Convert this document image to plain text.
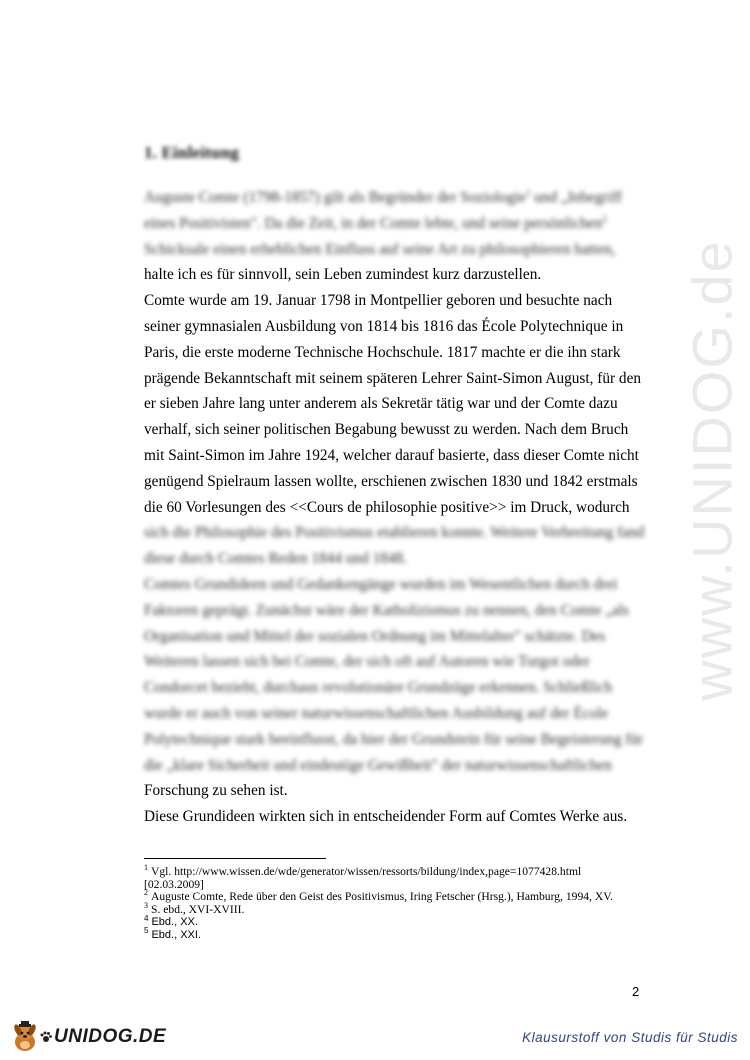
www.UNIDOG.de
1. Einleitung
Auguste Comte (1798-1857) gilt als Begründer der Soziologie$^1$ und „Inbegriff
eines Positivisten". Da die Zeit, in der Comte lebte, und seine persönlichen$^2$
Schicksale einen erheblichen Einfluss auf seine Art zu philosophieren hatten,
halte ich es für sinnvoll, sein Leben zumindest kurz darzustellen.
Comte wurde am 19. Januar 1798 in Montpellier geboren und besuchte nach
seiner gymnasialen Ausbildung von 1814 bis 1816 das École Polytechnique in
Paris, die erste moderne Technische Hochschule. 1817 machte er die ihn stark
prägende Bekanntschaft mit seinem späteren Lehrer Saint-Simon August, für den
er sieben Jahre lang unter anderem als Sekretär tätig war und der Comte dazu
verhalf, sich seiner politischen Begabung bewusst zu werden. Nach dem Bruch
mit Saint-Simon im Jahre 1924, welcher darauf basierte, dass dieser Comte nicht
genügend Spielraum lassen wollte, erschienen zwischen 1830 und 1842 erstmals
die 60 Vorlesungen des <<Cours de philosophie positive>> im Druck, wodurch
sich die Philosophie des Positivismus etablieren konnte. Weitere Verbreitung fand
diese durch Comtes Reden 1844 und 1848.
Comtes Grundideen und Gedankengänge wurden im Wesentlichen durch drei
Faktoren geprägt. Zunächst wäre der Katholizismus zu nennen, den Comte „als
Organisation und Mittel der sozialen Ordnung im Mittelalter" schätzte. Des
Weiteren lassen sich bei Comte, der sich oft auf Autoren wie Turgot oder
Condorcet bezieht, durchaus revolutionäre Grundzüge erkennen. Schließlich
wurde er auch von seiner naturwissenschaftlichen Ausbildung auf der École
Polytechnique stark beeinflusst, da hier der Grundstein für seine Begeisterung für
die „klare Sicherheit und eindeutige Gewißheit" der naturwissenschaftlichen
Forschung zu sehen ist.
Diese Grundideen wirkten sich in entscheidender Form auf Comtes Werke aus.

$^1$ Vgl. http://www.wissen.de/wde/generator/wissen/ressorts/bildung/index,page=1077428.html [02.03.2009]

$^2$ Auguste Comte, Rede über den Geist des Positivismus, Iring Fetscher (Hrsg.), Hamburg, 1994, XV.

$^3$ S. ebd., XVI-XVIII.

$^4$ Ebd., XX.

$^5$ Ebd., XXI.

2
UNIDOG.DE	Klausurstoff von Studis für Studis
